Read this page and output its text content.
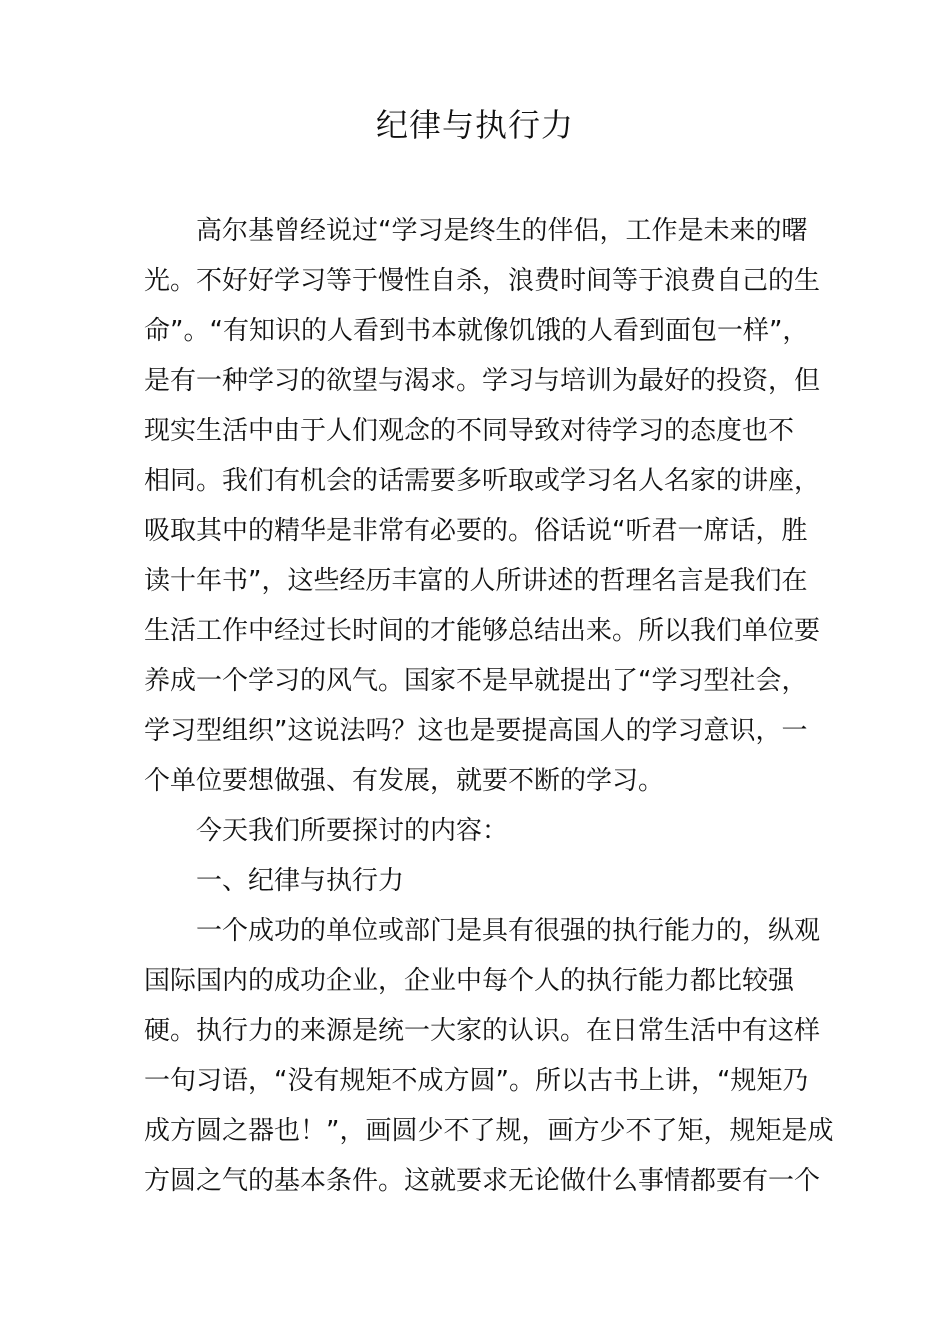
纪律与执行力

高尔基曾经说过“学习是终生的伴侣，工作是未来的曙

光。不好好学习等于慢性自杀，浪费时间等于浪费自己的生

命”。“有知识的人看到书本就像饥饿的人看到面包一样”，

是有一种学习的欲望与渴求。学习与培训为最好的投资，但

现实生活中由于人们观念的不同导致对待学习的态度也不

相同。我们有机会的话需要多听取或学习名人名家的讲座，

吸取其中的精华是非常有必要的。俗话说“听君一席话，胜

读十年书”，这些经历丰富的人所讲述的哲理名言是我们在

生活工作中经过长时间的才能够总结出来。所以我们单位要

养成一个学习的风气。国家不是早就提出了“学习型社会，

学习型组织”这说法吗？这也是要提高国人的学习意识，一

个单位要想做强、有发展，就要不断的学习。

今天我们所要探讨的内容：

一、纪律与执行力

一个成功的单位或部门是具有很强的执行能力的，纵观

国际国内的成功企业，企业中每个人的执行能力都比较强

硬。执行力的来源是统一大家的认识。在日常生活中有这样

一句习语，“没有规矩不成方圆”。所以古书上讲，“规矩乃

成方圆之器也！”，画圆少不了规，画方少不了矩，规矩是成

方圆之气的基本条件。这就要求无论做什么事情都要有一个
